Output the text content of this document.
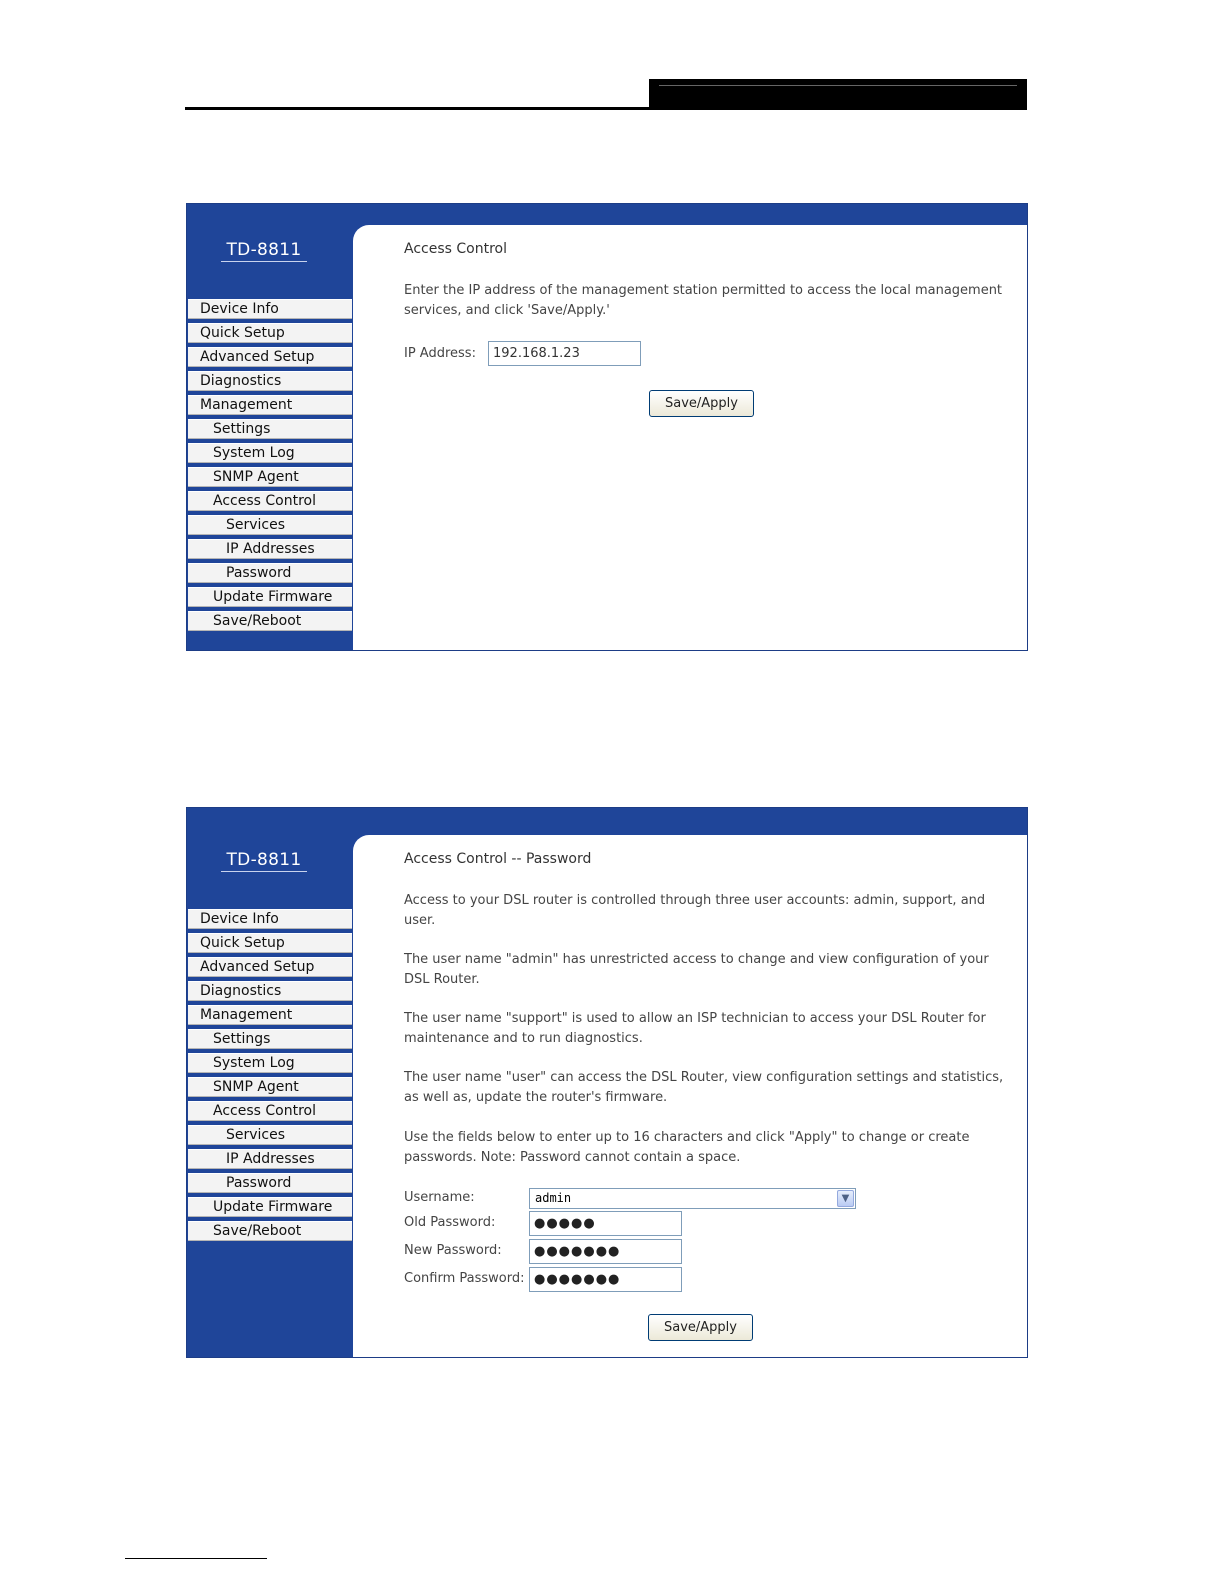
TD-8811
Device Info
Quick Setup
Advanced Setup
Diagnostics
Management
Settings
System Log
SNMP Agent
Access Control
Services
IP Addresses
Password
Update Firmware
Save/Reboot
Access Control

Enter the IP address of the management station permitted to access the local management services, and click 'Save/Apply.'

IP Address:
192.168.1.23
Save/Apply
TD-8811
Device Info
Quick Setup
Advanced Setup
Diagnostics
Management
Settings
System Log
SNMP Agent
Access Control
Services
IP Addresses
Password
Update Firmware
Save/Reboot
Access Control -- Password

Access to your DSL router is controlled through three user accounts: admin, support, and user.

The user name "admin" has unrestricted access to change and view configuration of your DSL Router.

The user name "support" is used to allow an ISP technician to access your DSL Router for maintenance and to run diagnostics.

The user name "user" can access the DSL Router, view configuration settings and statistics, as well as, update the router's firmware.

Use the fields below to enter up to 16 characters and click "Apply" to change or create passwords. Note: Password cannot contain a space.

Username:	admin	▼
Old Password:	●●●●●
New Password:	●●●●●●●
Confirm Password: ●●●●●●●
Save/Apply
